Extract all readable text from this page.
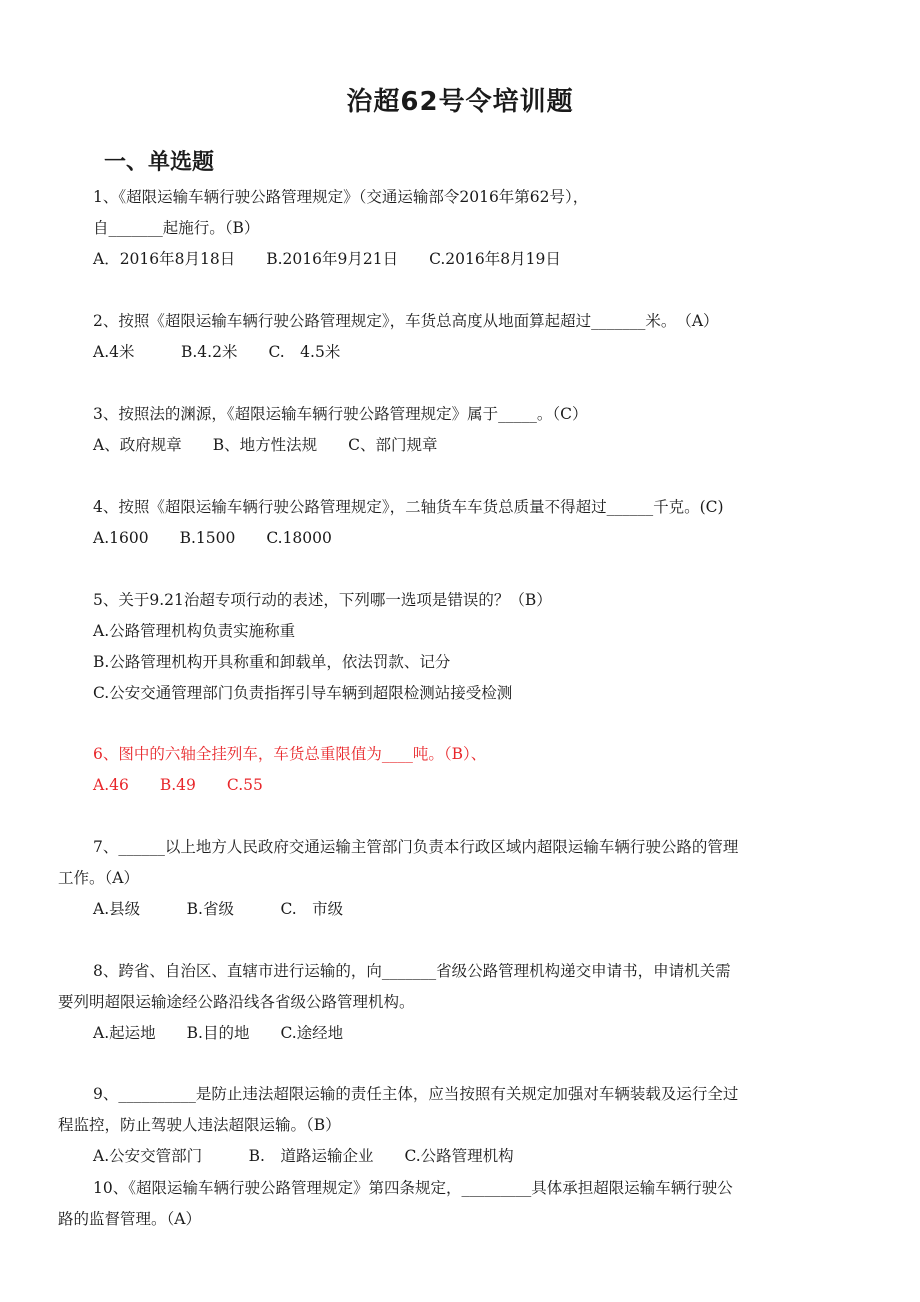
治超62号令培训题
一、单选题
1、《超限运输车辆行驶公路管理规定》（交通运输部令2016年第62号），
自_______起施行。（B）
A．2016年8月18日　　B.2016年9月21日　　C.2016年8月19日
2、按照《超限运输车辆行驶公路管理规定》，车货总高度从地面算起超过_______米。　（A）
A.4米　　　B.4.2米　　C.　4.5米
3、按照法的渊源，《超限运输车辆行驶公路管理规定》属于_____。（C）
A、政府规章　　B、地方性法规　　C、部门规章
4、按照《超限运输车辆行驶公路管理规定》，二轴货车车货总质量不得超过______千克。(C)
A.1600　　B.1500　　C.18000
5、关于9.21治超专项行动的表述，下列哪一选项是错误的？（B）
A.公路管理机构负责实施称重
B.公路管理机构开具称重和卸载单，依法罚款、记分
C.公安交通管理部门负责指挥引导车辆到超限检测站接受检测
6、图中的六轴全挂列车，车货总重限值为____吨。（B）、
A.46　　B.49　　C.55
7、______以上地方人民政府交通运输主管部门负责本行政区域内超限运输车辆行驶公路的管理
工作。（A）
A.县级　　　B.省级　　　C.　市级
8、跨省、自治区、直辖市进行运输的，向_______省级公路管理机构递交申请书，申请机关需
要列明超限运输途经公路沿线各省级公路管理机构。
A.起运地　　B.目的地　　C.途经地
9、__________是防止违法超限运输的责任主体，应当按照有关规定加强对车辆装载及运行全过
程监控，防止驾驶人违法超限运输。（B）
A.公安交管部门　　　B.　道路运输企业　　C.公路管理机构
10、《超限运输车辆行驶公路管理规定》第四条规定，_________具体承担超限运输车辆行驶公
路的监督管理。（A）
